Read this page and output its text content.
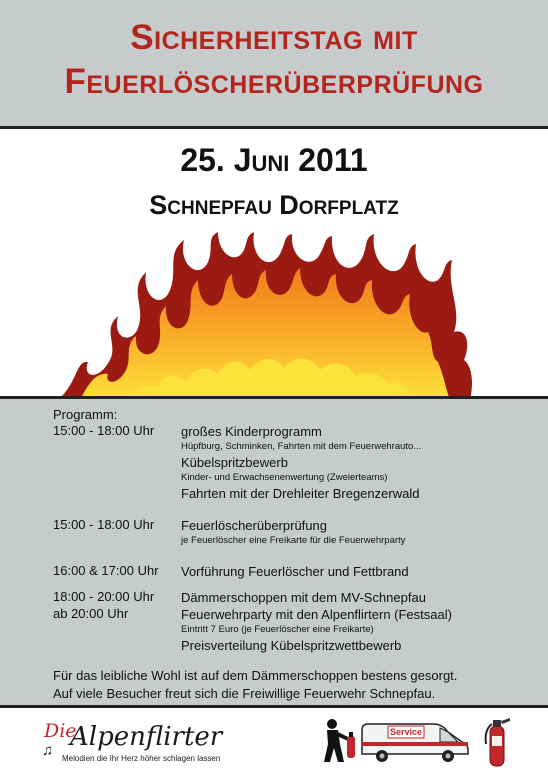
Sicherheitstag mit
Feuerlöscherüberprüfung
25. Juni 2011
Schnepfau Dorfplatz
Programm:
15:00 - 18:00 Uhr	großes Kinderprogramm
Hüpfburg, Schminken, Fahrten mit dem Feuerwehrauto...
Kübelspritzbewerb
Kinder- und Erwachsenenwertung (Zweierteams)
Fahrten mit der Drehleiter Bregenzerwald
15:00 - 18:00 Uhr	Feuerlöscherüberprüfung
je Feuerlöscher eine Freikarte für die Feuerwehrparty
16:00 & 17:00 Uhr	Vorführung Feuerlöscher und Fettbrand
18:00 - 20:00 Uhr	Dämmerschoppen mit dem MV-Schnepfau
ab 20:00 Uhr	Feuerwehrparty mit den Alpenflirtern (Festsaal)
Eintritt 7 Euro (je Feuerlöscher eine Freikarte)
Preisverteilung Kübelspritzwettbewerb
Für das leibliche Wohl ist auf dem Dämmerschoppen bestens gesorgt.
Auf viele Besucher freut sich die Freiwillige Feuerwehr Schnepfau.
Die
Alpenflirter
♫ Melodien die Ihr Herz höher schlagen lassen
Service
